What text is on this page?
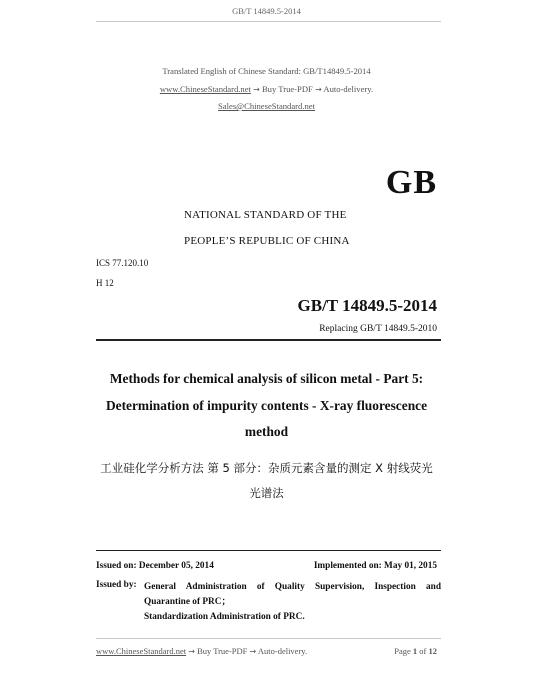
GB/T 14849.5-2014
Translated English of Chinese Standard: GB/T14849.5-2014
www.ChineseStandard.net → Buy True-PDF → Auto-delivery.
Sales@ChineseStandard.net
GB
NATIONAL STANDARD OF THE
PEOPLE’S REPUBLIC OF CHINA
ICS 77.120.10
H 12
GB/T 14849.5-2014
Replacing GB/T 14849.5-2010
Methods for chemical analysis of silicon metal - Part 5:
Determination of impurity contents - X-ray fluorescence
method
工业硅化学分析方法 第 5 部分：杂质元素含量的测定 X 射线荧光
光谱法
Issued on: December 05, 2014	Implemented on: May 01, 2015
Issued by: General Administration of Quality Supervision, Inspection and Quarantine of PRC；
Standardization Administration of PRC.
www.ChineseStandard.net → Buy True-PDF → Auto-delivery.	Page 1 of 12
